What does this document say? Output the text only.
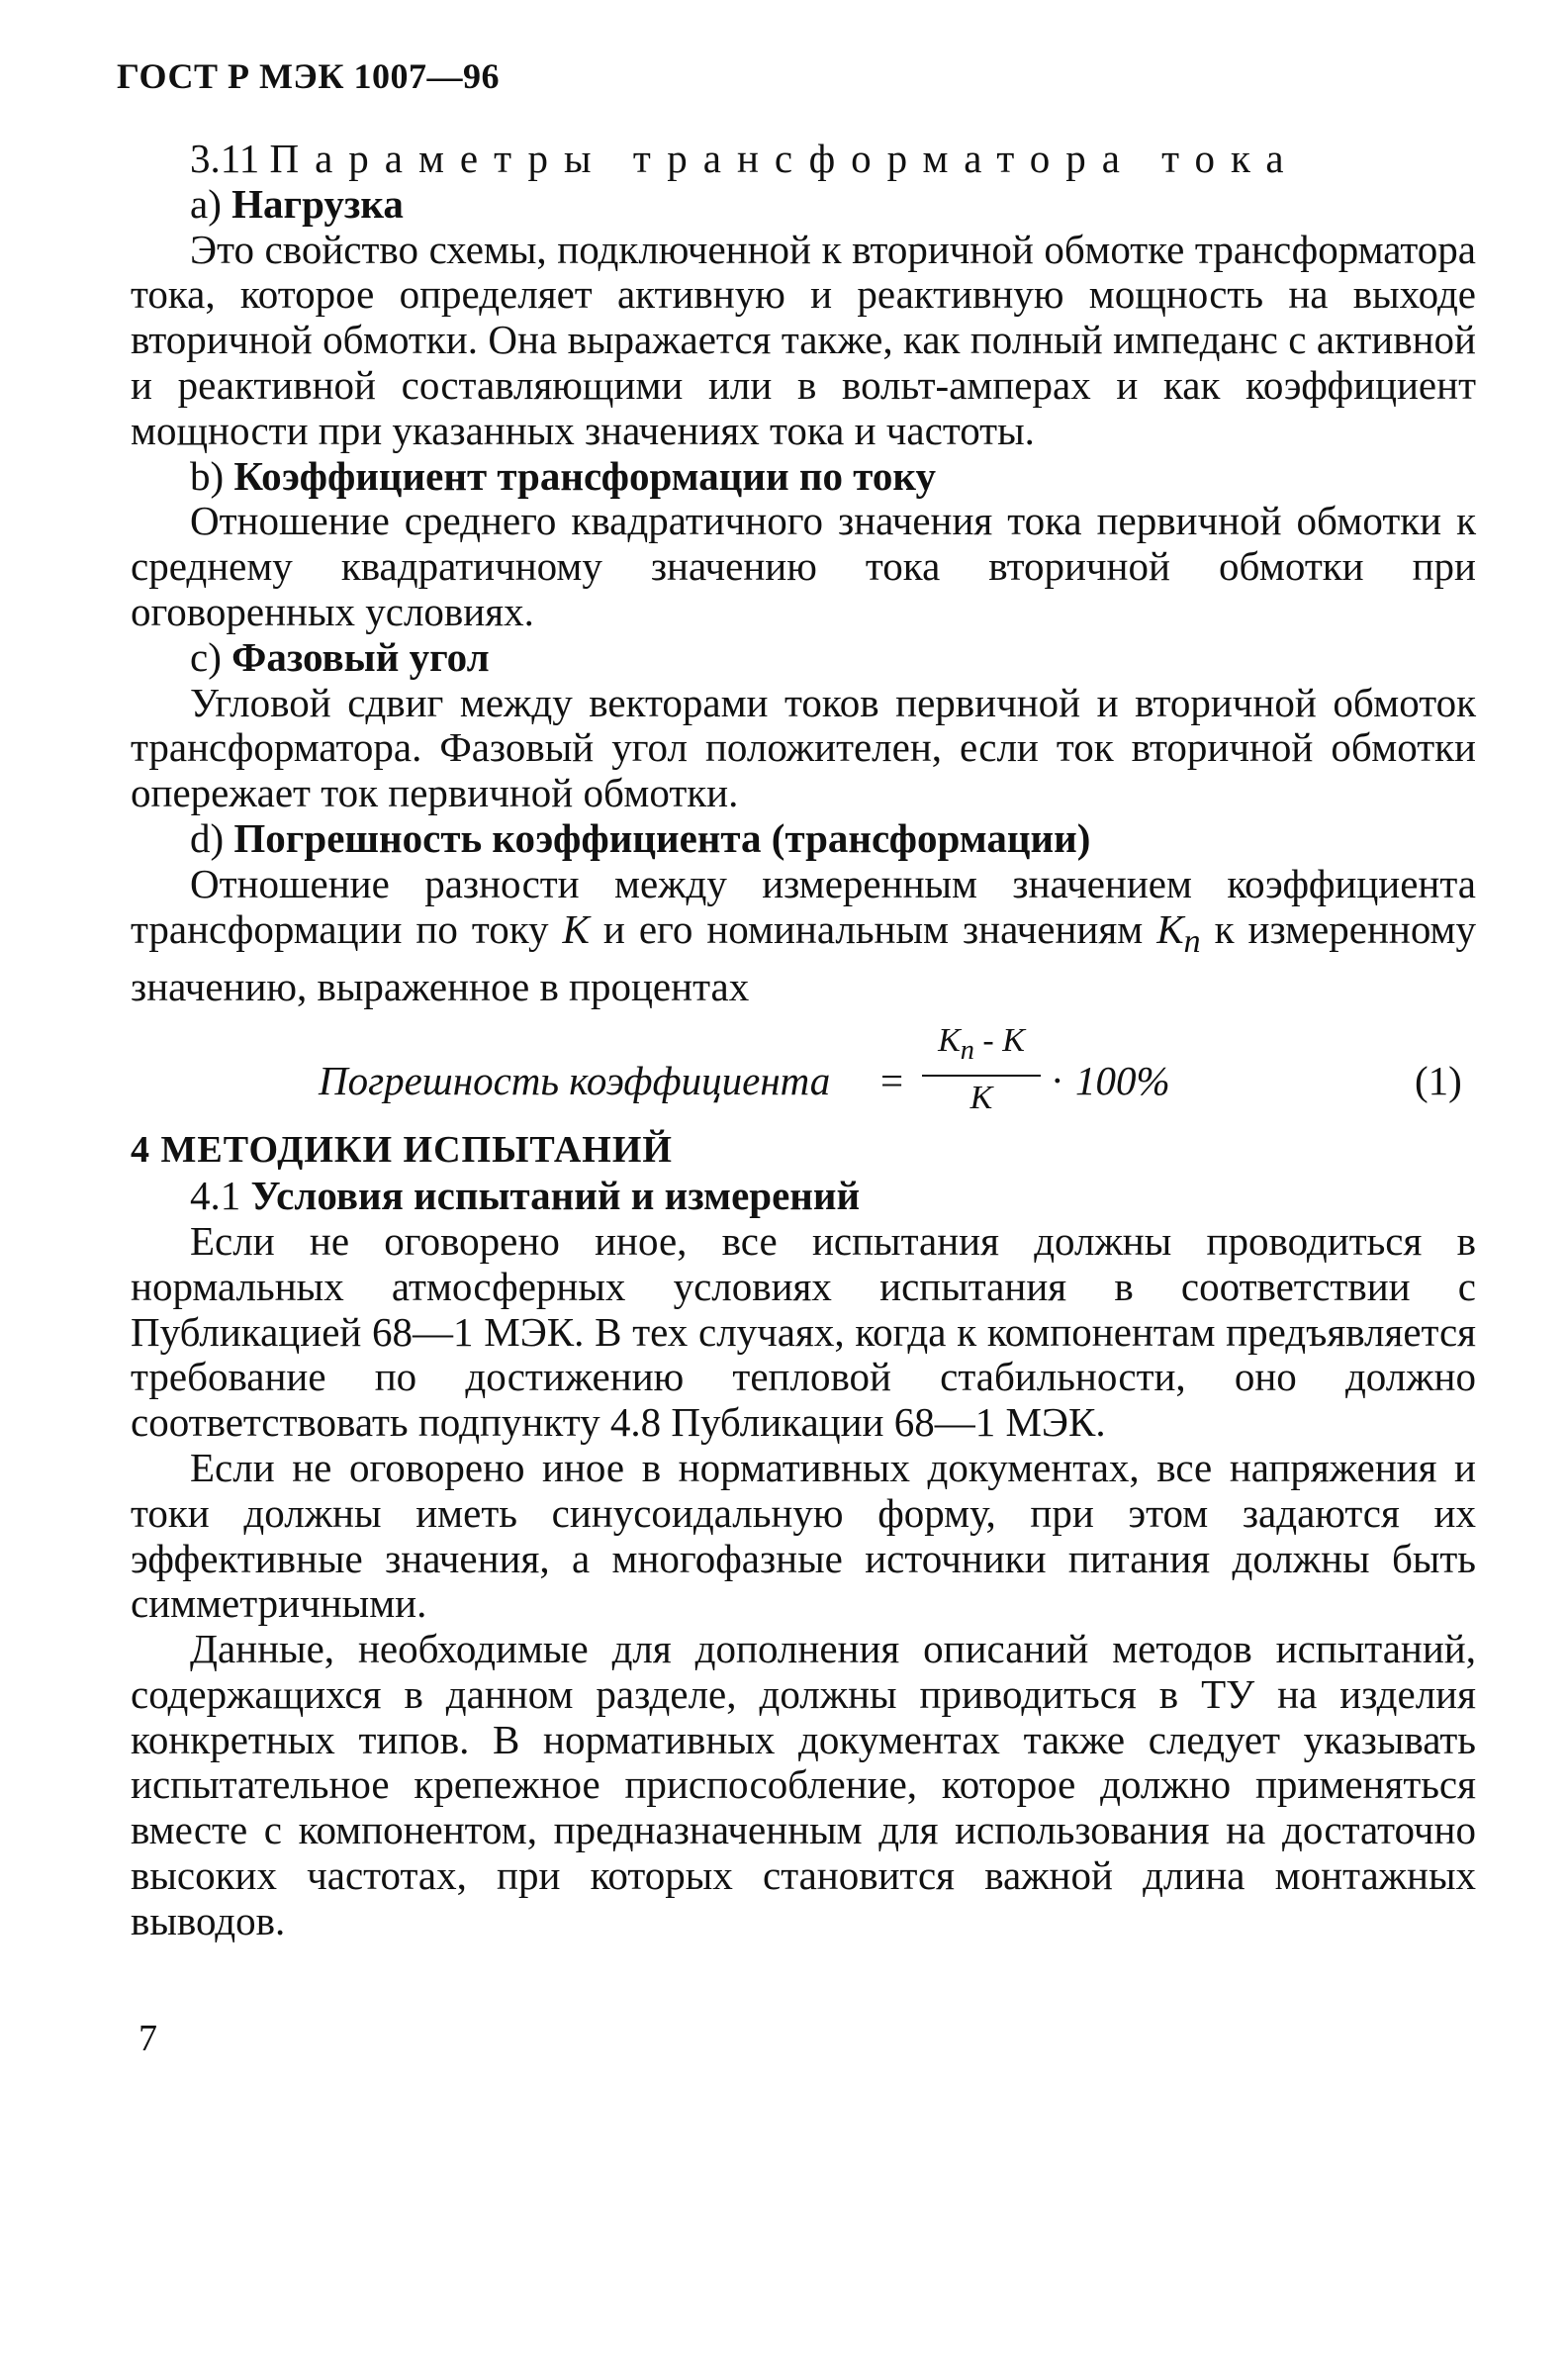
ГОСТ Р МЭК 1007—96

3.11 Параметры трансформатора тока

a) Нагрузка

Это свойство схемы, подключенной к вторичной обмотке трансформатора тока, которое определяет активную и реактивную мощность на выходе вторичной обмотки. Она выражается также, как полный импеданс с активной и реактивной составляющими или в вольт-амперах и как коэффициент мощности при указанных значениях тока и частоты.

b) Коэффициент трансформации по току

Отношение среднего квадратичного значения тока первичной обмотки к среднему квадратичному значению тока вторичной обмотки при оговоренных условиях.

c) Фазовый угол

Угловой сдвиг между векторами токов первичной и вторичной обмоток трансформатора. Фазовый угол положителен, если ток вторичной обмотки опережает ток первичной обмотки.

d) Погрешность коэффициента (трансформации)

Отношение разности между измеренным значением коэффициента трансформации по току K и его номинальным значениям $K_n$ к измеренному значению, выраженное в процентах

Погрешность коэффициента = $\frac{K_n - K}{K} \cdot 100\%$	(1)

4 МЕТОДИКИ ИСПЫТАНИЙ

4.1 Условия испытаний и измерений

Если не оговорено иное, все испытания должны проводиться в нормальных атмосферных условиях испытания в соответствии с Публикацией 68—1 МЭК. В тех случаях, когда к компонентам предъявляется требование по достижению тепловой стабильности, оно должно соответствовать подпункту 4.8 Публикации 68—1 МЭК.

Если не оговорено иное в нормативных документах, все напряжения и токи должны иметь синусоидальную форму, при этом задаются их эффективные значения, а многофазные источники питания должны быть симметричными.

Данные, необходимые для дополнения описаний методов испытаний, содержащихся в данном разделе, должны приводиться в ТУ на изделия конкретных типов. В нормативных документах также следует указывать испытательное крепежное приспособление, которое должно применяться вместе с компонентом, предназначенным для использования на достаточно высоких частотах, при которых становится важной длина монтажных выводов.

7
